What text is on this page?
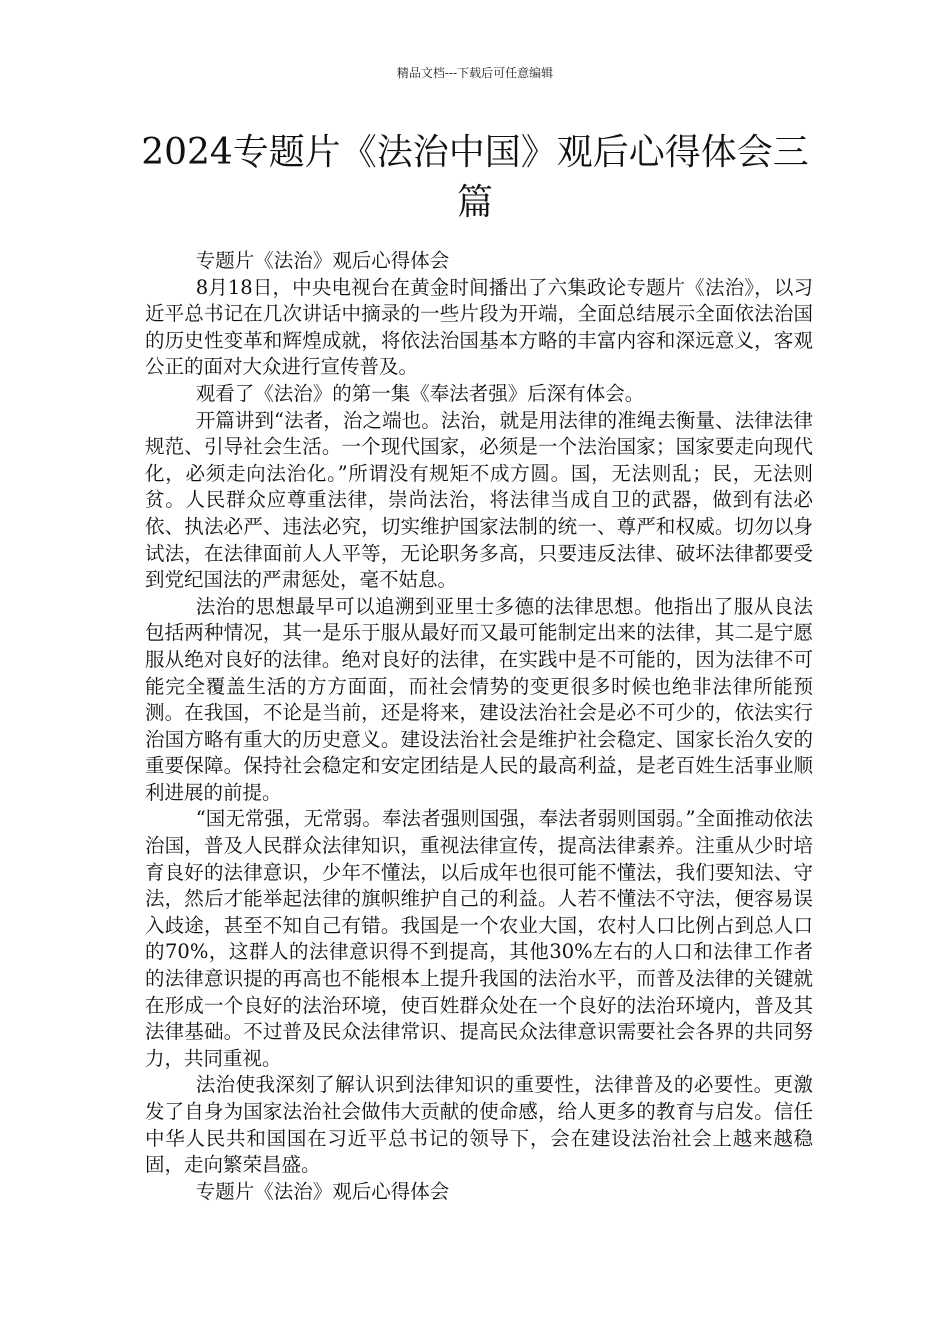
精品文档---下载后可任意编辑
2024专题片《法治中国》观后心得体会三篇

专题片《法治》观后心得体会

8月18日，中央电视台在黄金时间播出了六集政论专题片《法治》，以习近平总书记在几次讲话中摘录的一些片段为开端，全面总结展示全面依法治国的历史性变革和辉煌成就，将依法治国基本方略的丰富内容和深远意义，客观公正的面对大众进行宣传普及。

观看了《法治》的第一集《奉法者强》后深有体会。

开篇讲到“法者，治之端也。法治，就是用法律的准绳去衡量、法律法律规范、引导社会生活。一个现代国家，必须是一个法治国家；国家要走向现代化，必须走向法治化。”所谓没有规矩不成方圆。国，无法则乱；民，无法则贫。人民群众应尊重法律，崇尚法治，将法律当成自卫的武器，做到有法必依、执法必严、违法必究，切实维护国家法制的统一、尊严和权威。切勿以身试法，在法律面前人人平等，无论职务多高，只要违反法律、破坏法律都要受到党纪国法的严肃惩处，毫不姑息。

法治的思想最早可以追溯到亚里士多德的法律思想。他指出了服从良法包括两种情况，其一是乐于服从最好而又最可能制定出来的法律，其二是宁愿服从绝对良好的法律。绝对良好的法律，在实践中是不可能的，因为法律不可能完全覆盖生活的方方面面，而社会情势的变更很多时候也绝非法律所能预测。在我国，不论是当前，还是将来，建设法治社会是必不可少的，依法实行治国方略有重大的历史意义。建设法治社会是维护社会稳定、国家长治久安的重要保障。保持社会稳定和安定团结是人民的最高利益，是老百姓生活事业顺利进展的前提。

“国无常强，无常弱。奉法者强则国强，奉法者弱则国弱。”全面推动依法治国，普及人民群众法律知识，重视法律宣传，提高法律素养。注重从少时培育良好的法律意识，少年不懂法，以后成年也很可能不懂法，我们要知法、守法，然后才能举起法律的旗帜维护自己的利益。人若不懂法不守法，便容易误入歧途，甚至不知自己有错。我国是一个农业大国，农村人口比例占到总人口的70%，这群人的法律意识得不到提高，其他30%左右的人口和法律工作者的法律意识提的再高也不能根本上提升我国的法治水平，而普及法律的关键就在形成一个良好的法治环境，使百姓群众处在一个良好的法治环境内，普及其法律基础。不过普及民众法律常识、提高民众法律意识需要社会各界的共同努力，共同重视。

法治使我深刻了解认识到法律知识的重要性，法律普及的必要性。更激发了自身为国家法治社会做伟大贡献的使命感，给人更多的教育与启发。信任中华人民共和国国在习近平总书记的领导下，会在建设法治社会上越来越稳固，走向繁荣昌盛。

专题片《法治》观后心得体会
